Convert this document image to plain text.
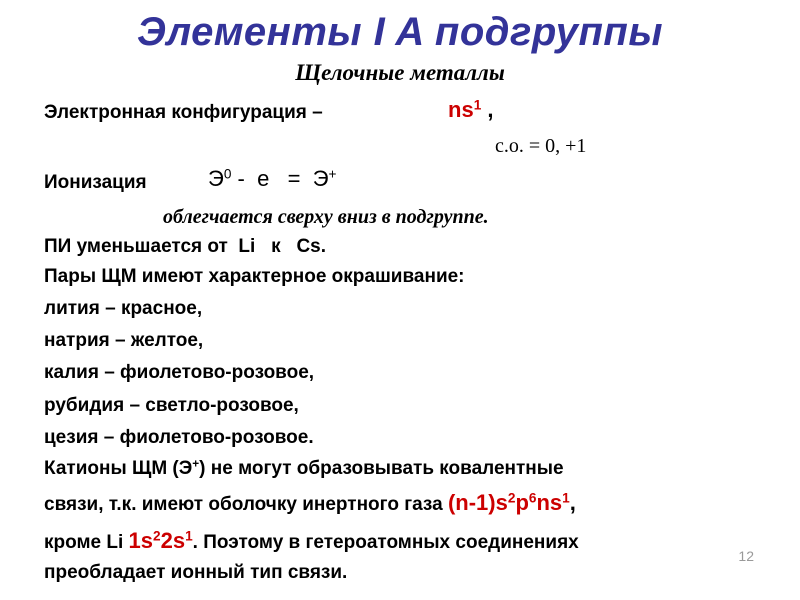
Элементы I A подгруппы
Щелочные металлы
Электронная конфигурация –	$ns^1$ ,
с.о. = 0, +1
Ионизация	$Э^0 - е = Э^+$
облегчается сверху вниз в подгруппе.
ПИ уменьшается от  Li   к   Cs.
Пары ЩМ имеют характерное окрашивание:
лития – красное,
натрия – желтое,
калия – фиолетово-розовое,
рубидия – светло-розовое,
цезия – фиолетово-розовое.
Катионы ЩМ (Э+) не могут образовывать ковалентные
связи, т.к. имеют оболочку инертного газа $(n-1)s^2p^6ns^1$,
кроме Li $1s^22s^1$. Поэтому в гетероатомных соединениях
преобладает ионный тип связи.
12
